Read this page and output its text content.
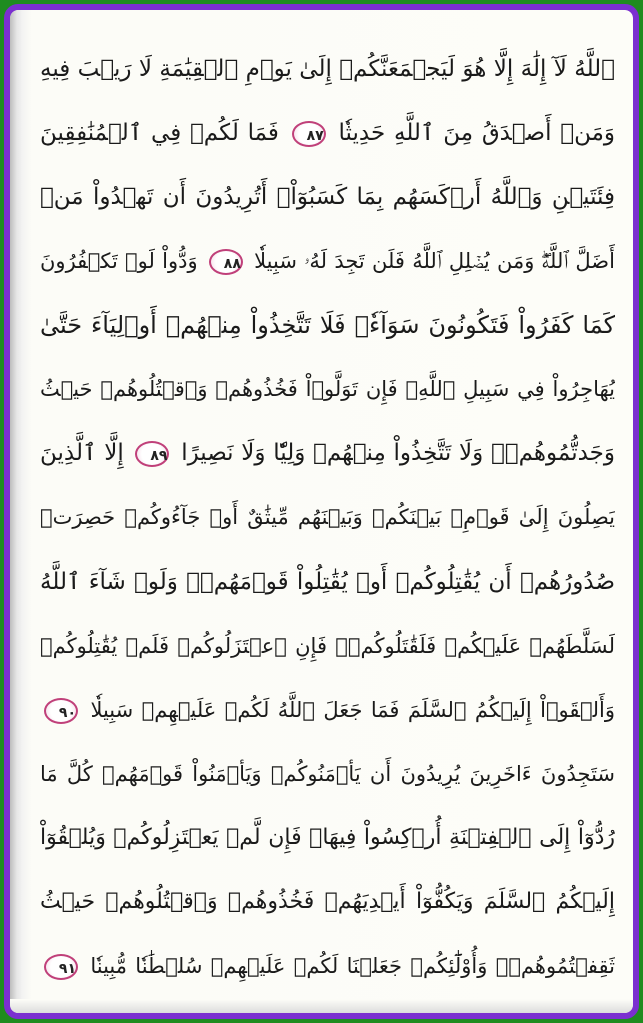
ٱللَّهُ لَآ إِلَٰهَ إِلَّا هُوَ لَيَجۡمَعَنَّكُمۡ إِلَىٰ يَوۡمِ ٱلۡقِيَٰمَةِ لَا رَيۡبَ فِيهِ
وَمَنۡ أَصۡدَقُ مِنَ ٱللَّهِ حَدِيثٗا ٨٧ فَمَا لَكُمۡ فِي ٱلۡمُنَٰفِقِينَ
فِئَتَيۡنِ وَٱللَّهُ أَرۡكَسَهُم بِمَا كَسَبُوٓاْۚ أَتُرِيدُونَ أَن تَهۡدُواْ مَنۡ
أَضَلَّ ٱللَّهُۖ وَمَن يُضۡلِلِ ٱللَّهُ فَلَن تَجِدَ لَهُۥ سَبِيلٗا ٨٨ وَدُّواْ لَوۡ تَكۡفُرُونَ
كَمَا كَفَرُواْ فَتَكُونُونَ سَوَآءٗۖ فَلَا تَتَّخِذُواْ مِنۡهُمۡ أَوۡلِيَآءَ حَتَّىٰ
يُهَاجِرُواْ فِي سَبِيلِ ٱللَّهِۚ فَإِن تَوَلَّوۡاْ فَخُذُوهُمۡ وَٱقۡتُلُوهُمۡ حَيۡثُ
وَجَدتُّمُوهُمۡۖ وَلَا تَتَّخِذُواْ مِنۡهُمۡ وَلِيّٗا وَلَا نَصِيرًا ٨٩ إِلَّا ٱلَّذِينَ
يَصِلُونَ إِلَىٰ قَوۡمِۭ بَيۡنَكُمۡ وَبَيۡنَهُم مِّيثَٰقٌ أَوۡ جَآءُوكُمۡ حَصِرَتۡ
صُدُورُهُمۡ أَن يُقَٰتِلُوكُمۡ أَوۡ يُقَٰتِلُواْ قَوۡمَهُمۡۚ وَلَوۡ شَآءَ ٱللَّهُ
لَسَلَّطَهُمۡ عَلَيۡكُمۡ فَلَقَٰتَلُوكُمۡۚ فَإِنِ ٱعۡتَزَلُوكُمۡ فَلَمۡ يُقَٰتِلُوكُمۡ
وَأَلۡقَوۡاْ إِلَيۡكُمُ ٱلسَّلَمَ فَمَا جَعَلَ ٱللَّهُ لَكُمۡ عَلَيۡهِمۡ سَبِيلٗا ٩٠
سَتَجِدُونَ ءَاخَرِينَ يُرِيدُونَ أَن يَأۡمَنُوكُمۡ وَيَأۡمَنُواْ قَوۡمَهُمۡ كُلَّ مَا
رُدُّوٓاْ إِلَى ٱلۡفِتۡنَةِ أُرۡكِسُواْ فِيهَاۚ فَإِن لَّمۡ يَعۡتَزِلُوكُمۡ وَيُلۡقُوٓاْ
إِلَيۡكُمُ ٱلسَّلَمَ وَيَكُفُّوٓاْ أَيۡدِيَهُمۡ فَخُذُوهُمۡ وَٱقۡتُلُوهُمۡ حَيۡثُ
ثَقِفۡتُمُوهُمۡۚ وَأُوْلَٰٓئِكُمۡ جَعَلۡنَا لَكُمۡ عَلَيۡهِمۡ سُلۡطَٰنٗا مُّبِينٗا ٩١
